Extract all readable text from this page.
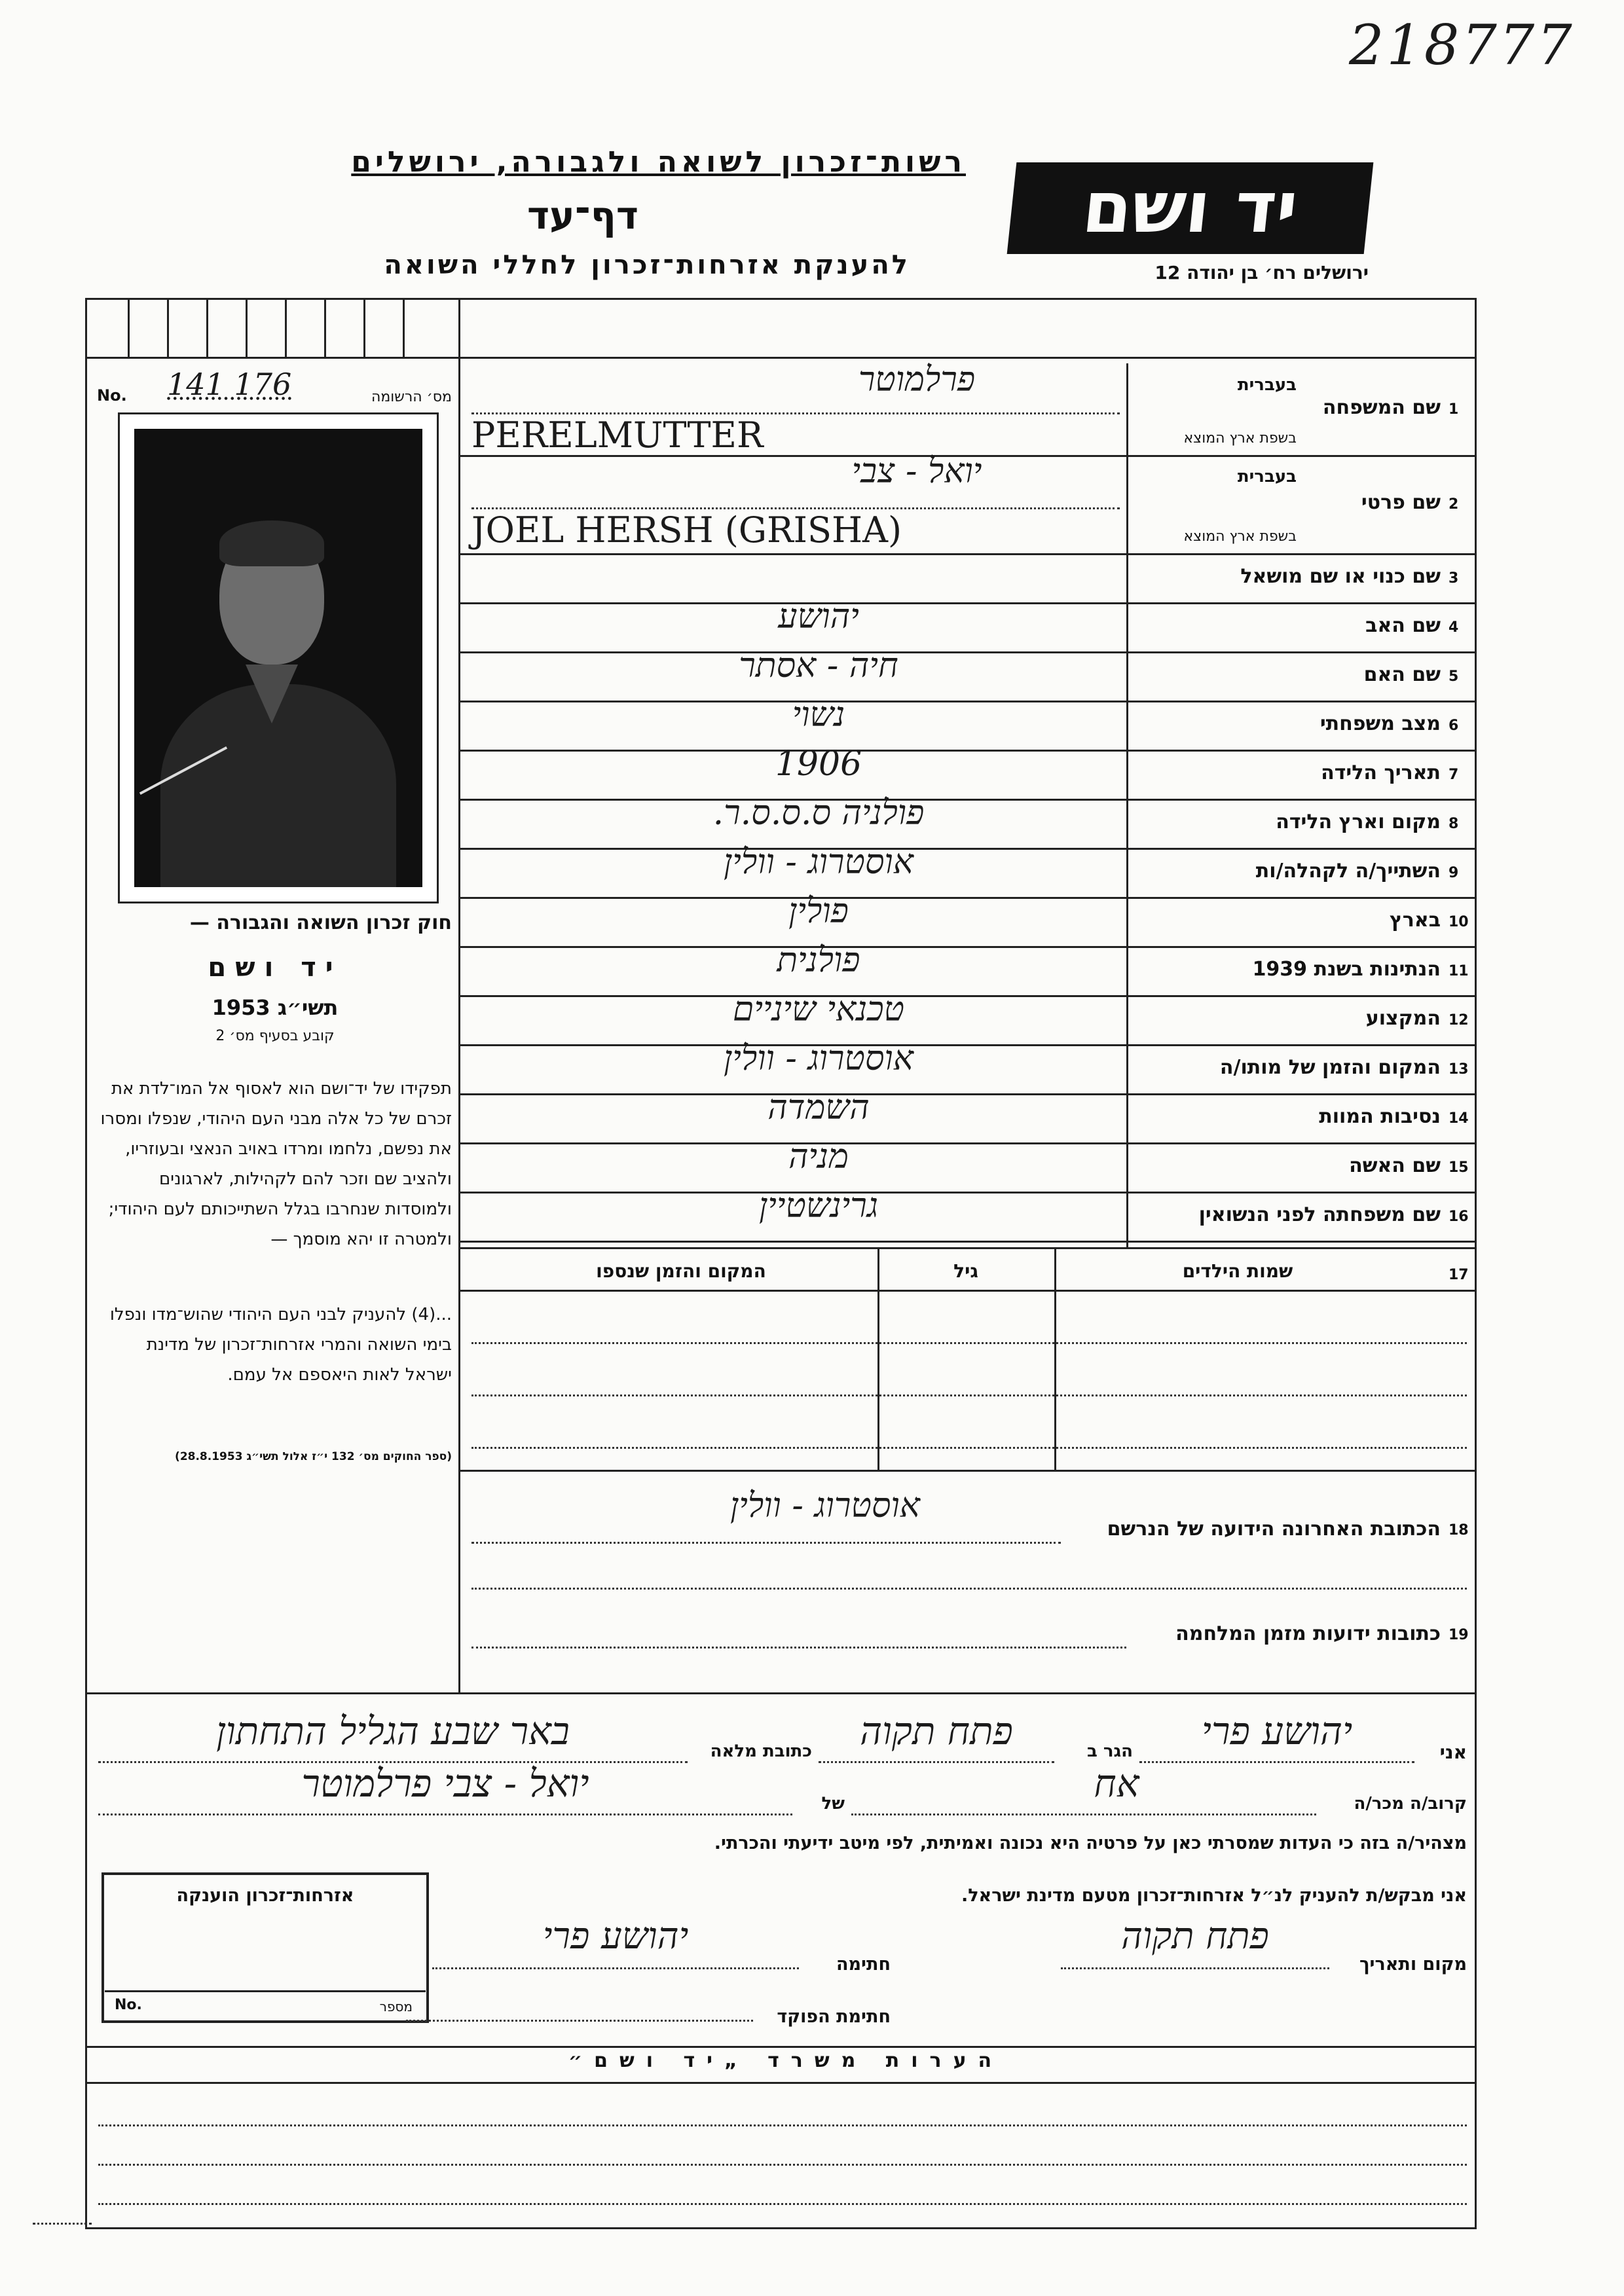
218777
רשות־זכרון לשואה ולגבורה, ירושלים
דף־עד
להענקת אזרחות־זכרון לחללי השואה
יד ושם
ירושלים רח׳ בן יהודה 12
No. 141 176	מס׳ הרשומה
חוק זכרון השואה והגבורה —
יד ושם
תשי״ג 1953
קובע בסעיף מס׳ 2
תפקידו של יד־ושם הוא לאסוף אל המו־לדת את זכרם של כל אלה מבני העם היהודי, שנפלו ומסרו את נפשם, נלחמו ומרדו באויב הנאצי ובעוזריו, ולהציב שם וזכר להם לקהילות, לארגונים ולמוסדות שנחרבו בגלל השתייכותם לעם היהודי; ולמטרה זו יהא מוסמך —
...(4) להעניק לבני העם היהודי שהוש־מדו ונפלו בימי השואה והמרי אזרחות־זכרון של מדינת ישראל לאות היאספם אל עמם.
(ספר החוקים מס׳ 132 י״ז אלול תשי״ג 28.8.1953)
1
שם המשפחה
בעברית
בשפת ארץ המוצא
פרלמוטר
PERELMUTTER
2
שם פרטי
בעברית
בשפת ארץ המוצא
יואל - צבי
JOEL HERSH (GRISHA)
3
שם כנוי או שם מושאל
4
שם האב
יהושע
5
שם האם
חיה - אסתר
6
מצב משפחתי
נשוי
7
תאריך הלידה
1906
8
מקום וארץ הלידה
פולניה ס.ס.ס.ר.
9
השתייך/ה לקהלה/ות
אוסטרוג - וולין
10
בארץ
פולין
11
הנתינות בשנת 1939
פולנית
12
המקצוע
טכנאי שיניים
13
המקום והזמן של מותו/ה
אוסטרוג - וולין
14
נסיבות המוות
השמדה
15
שם האשה
מניה
16
שם משפחתה לפני הנשואין
גרינשטיין
17
שמות הילדים
גיל
המקום והזמן שנספו
18
הכתובת האחרונה הידועה של הנרשם
אוסטרוג - וולין
19
כתובות ידועות מזמן המלחמה
אני
יהושע פרי
הגר ב
פתח תקוה
כתובת מלאה
באר שבע הגליל התחתון
קרוב/ה מכר/ה
אח
של
יואל - צבי פרלמוטר
מצהיר/ה בזה כי העדות שמסרתי כאן על פרטיה היא נכונה ואמיתית, לפי מיטב ידיעתי והכרתי.
אני מבקש/ת להעניק לנ״ל אזרחות־זכרון מטעם מדינת ישראל.
אזרחות־זכרון הוענקה
No.	מספר
מקום ותאריך
פתח תקוה
חתימה
יהושע פרי
חתימת הפוקד
הערות משרד „יד ושם״
